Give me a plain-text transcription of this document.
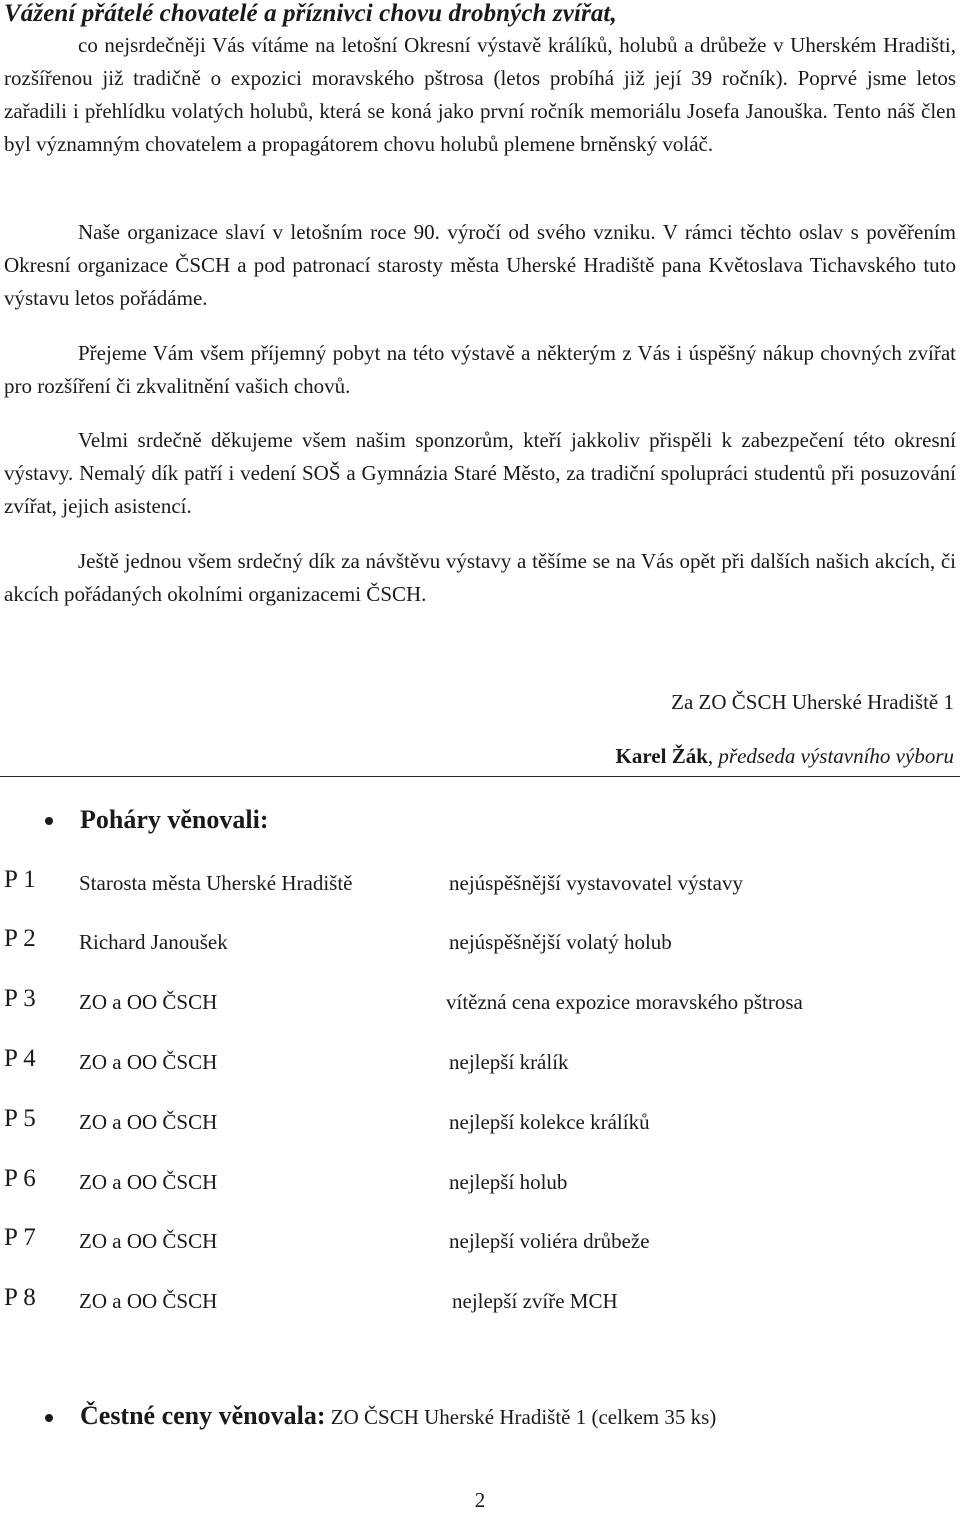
Vážení přátelé chovatelé a příznivci chovu drobných zvířat,

co nejsrdečněji Vás vítáme na letošní Okresní výstavě králíků, holubů a drůbeže v Uherském Hradišti, rozšířenou již tradičně o expozici moravského pštrosa (letos probíhá již její 39 ročník). Poprvé jsme letos zařadili i přehlídku volatých holubů, která se koná jako první ročník memoriálu Josefa Janouška. Tento náš člen byl významným chovatelem a propagátorem chovu holubů plemene brněnský voláč.

Naše organizace slaví v letošním roce 90. výročí od svého vzniku. V rámci těchto oslav s pověřením Okresní organizace ČSCH a pod patronací starosty města Uherské Hradiště pana Květoslava Tichavského tuto výstavu letos pořádáme.

Přejeme Vám všem příjemný pobyt na této výstavě a některým z Vás i úspěšný nákup chovných zvířat pro rozšíření či zkvalitnění vašich chovů.

Velmi srdečně děkujeme všem našim sponzorům, kteří jakkoliv přispěli k zabezpečení této okresní výstavy. Nemalý dík patří i vedení SOŠ a Gymnázia Staré Město, za tradiční spolupráci studentů při posuzování zvířat, jejich asistencí.

Ještě jednou všem srdečný dík za návštěvu výstavy a těšíme se na Vás opět při dalších našich akcích, či akcích pořádaných okolními organizacemi ČSCH.

Za ZO ČSCH Uherské Hradiště 1

Karel Žák, předseda výstavního výboru

Poháry věnovali:
P 1 Starosta města Uherské Hradiště	nejúspěšnější vystavovatel výstavy
P 2 Richard Janoušek	nejúspěšnější volatý holub
P 3 ZO a OO ČSCH	vítězná cena expozice moravského pštrosa
P 4 ZO a OO ČSCH	nejlepší králík
P 5 ZO a OO ČSCH	nejlepší kolekce králíků
P 6 ZO a OO ČSCH	nejlepší holub
P 7 ZO a OO ČSCH	nejlepší voliéra drůbeže
P 8 ZO a OO ČSCH	nejlepší zvíře MCH

Čestné ceny věnovala: ZO ČSCH Uherské Hradiště 1 (celkem 35 ks)

2
